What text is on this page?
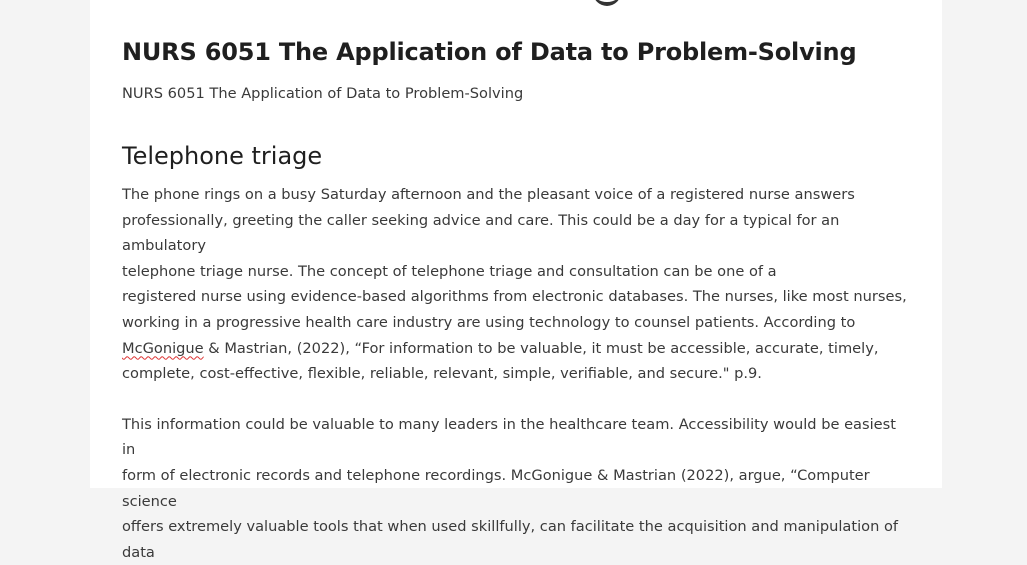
NURS 6051 The Application of Data to Problem-Solving

NURS 6051 The Application of Data to Problem-Solving

Telephone triage

The phone rings on a busy Saturday afternoon and the pleasant voice of a registered nurse answers
professionally, greeting the caller seeking advice and care. This could be a day for a typical for an ambulatory
telephone triage nurse. The concept of telephone triage and consultation can be one of a
registered nurse using evidence-based algorithms from electronic databases. The nurses, like most nurses,
working in a progressive health care industry are using technology to counsel patients. According to
McGonigue & Mastrian, (2022), “For information to be valuable, it must be accessible, accurate, timely,
complete, cost-effective, flexible, reliable, relevant, simple, verifiable, and secure." p.9.

This information could be valuable to many leaders in the healthcare team. Accessibility would be easiest in
form of electronic records and telephone recordings. McGonigue & Mastrian (2022), argue, “Computer science
offers extremely valuable tools that when used skillfully, can facilitate the acquisition and manipulation of data
